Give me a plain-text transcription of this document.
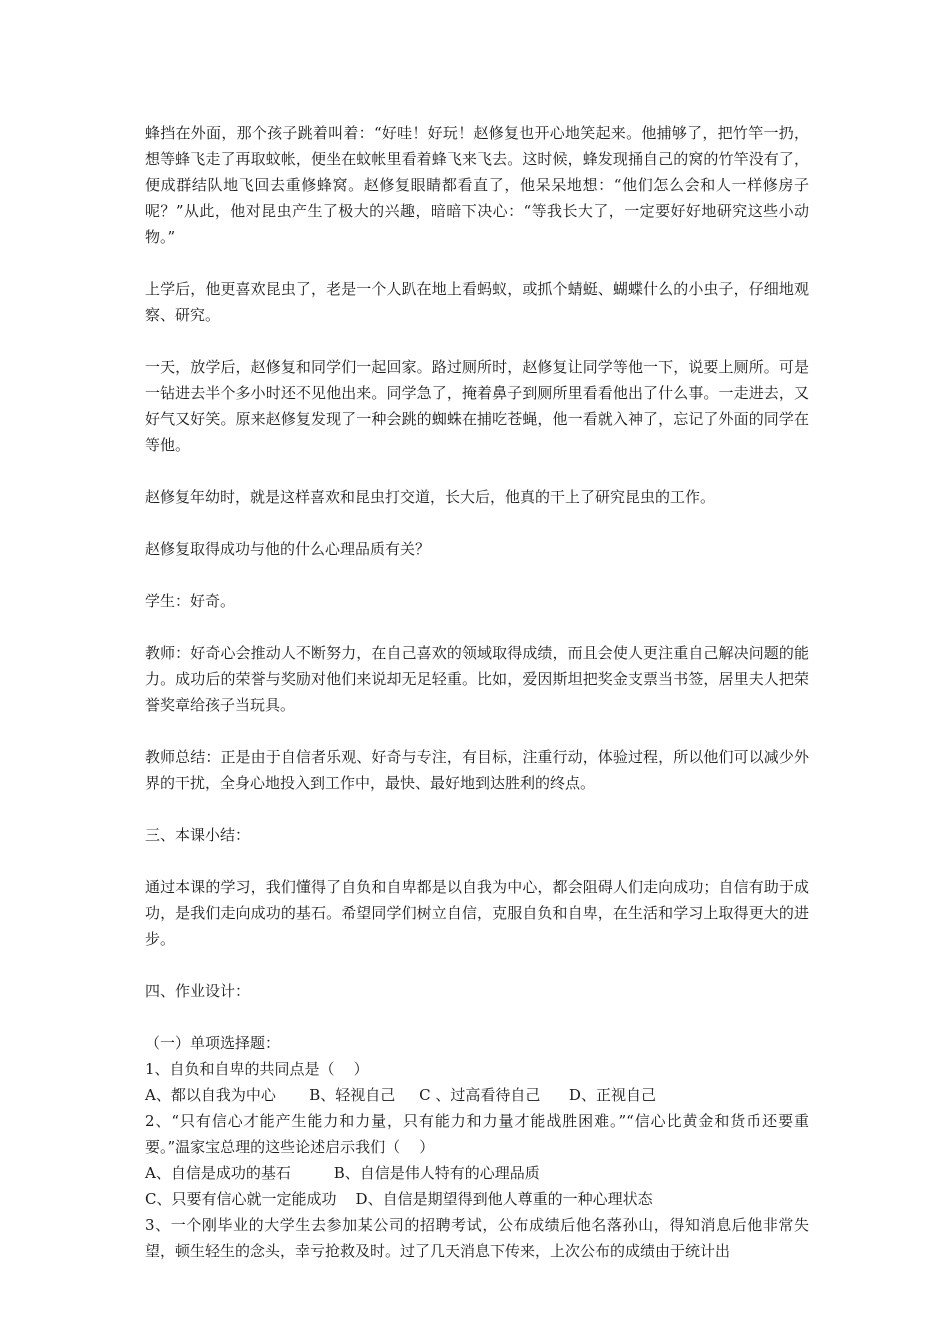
蜂挡在外面，那个孩子跳着叫着：“好哇！好玩！赵修复也开心地笑起来。他捕够了，把竹竿一扔，想等蜂飞走了再取蚊帐，便坐在蚊帐里看着蜂飞来飞去。这时候，蜂发现捅自己的窝的竹竿没有了，便成群结队地飞回去重修蜂窝。赵修复眼睛都看直了，他呆呆地想：“他们怎么会和人一样修房子呢？”从此，他对昆虫产生了极大的兴趣，暗暗下决心：“等我长大了，一定要好好地研究这些小动物。”

上学后，他更喜欢昆虫了，老是一个人趴在地上看蚂蚁，或抓个蜻蜓、蝴蝶什么的小虫子，仔细地观察、研究。

一天，放学后，赵修复和同学们一起回家。路过厕所时，赵修复让同学等他一下，说要上厕所。可是一钻进去半个多小时还不见他出来。同学急了，掩着鼻子到厕所里看看他出了什么事。一走进去，又好气又好笑。原来赵修复发现了一种会跳的蜘蛛在捕吃苍蝇，他一看就入神了，忘记了外面的同学在等他。

赵修复年幼时，就是这样喜欢和昆虫打交道，长大后，他真的干上了研究昆虫的工作。

赵修复取得成功与他的什么心理品质有关？

学生：好奇。

教师：好奇心会推动人不断努力，在自己喜欢的领域取得成绩，而且会使人更注重自己解决问题的能力。成功后的荣誉与奖励对他们来说却无足轻重。比如，爱因斯坦把奖金支票当书签，居里夫人把荣誉奖章给孩子当玩具。

教师总结：正是由于自信者乐观、好奇与专注，有目标，注重行动，体验过程，所以他们可以减少外界的干扰，全身心地投入到工作中，最快、最好地到达胜利的终点。

三、本课小结：

通过本课的学习，我们懂得了自负和自卑都是以自我为中心，都会阻碍人们走向成功；自信有助于成功，是我们走向成功的基石。希望同学们树立自信，克服自负和自卑，在生活和学习上取得更大的进步。

四、作业设计：

（一）单项选择题：

1、自负和自卑的共同点是（    ）

A、都以自我为中心       B、轻视自己     C 、过高看待自己      D、正视自己

2、“只有信心才能产生能力和力量，只有能力和力量才能战胜困难。”“信心比黄金和货币还要重要。”温家宝总理的这些论述启示我们（    ）

A、自信是成功的基石         B、自信是伟人特有的心理品质

C、只要有信心就一定能成功    D、自信是期望得到他人尊重的一种心理状态

3、一个刚毕业的大学生去参加某公司的招聘考试，公布成绩后他名落孙山，得知消息后他非常失望，顿生轻生的念头，幸亏抢救及时。过了几天消息下传来，上次公布的成绩由于统计出
